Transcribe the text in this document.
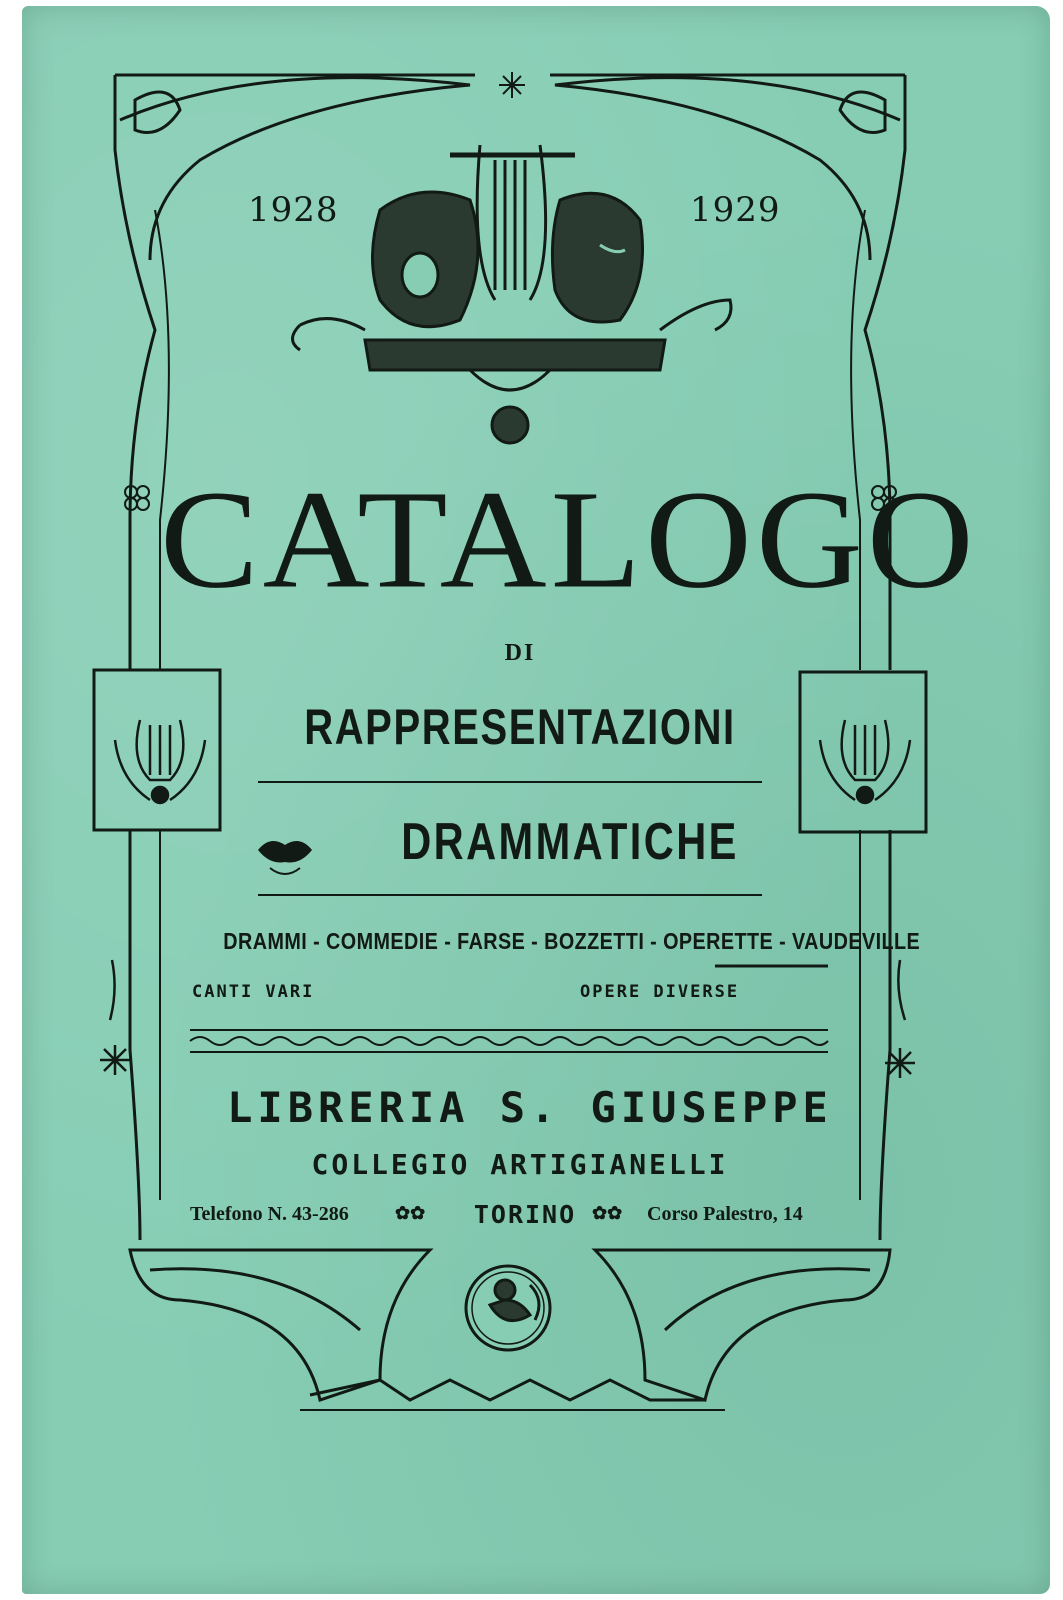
1928	1929
CATALOGO
DI
RAPPRESENTAZIONI
DRAMMATICHE
DRAMMI - COMMEDIE - FARSE - BOZZETTI - OPERETTE - VAUDEVILLE
CANTI VARI	OPERE DIVERSE
LIBRERIA S. GIUSEPPE
COLLEGIO ARTIGIANELLI
Telefono N. 43-286	✿✿ TORINO ✿✿ Corso Palestro, 14
